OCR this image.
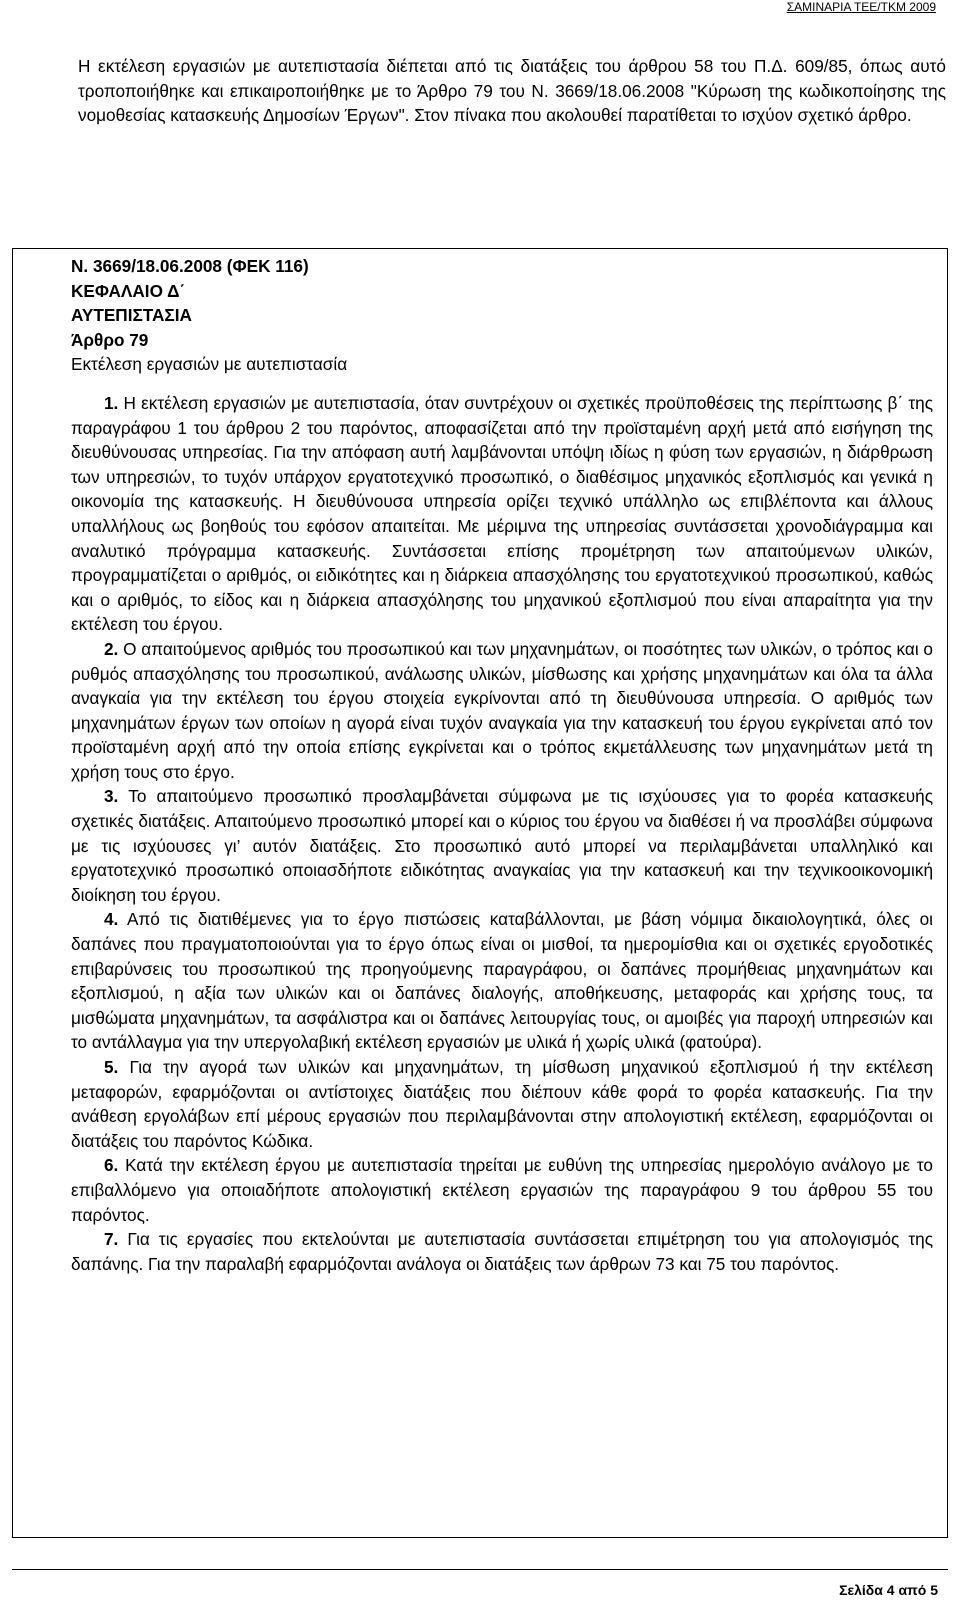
ΣΑΜΙΝΑΡΙΑ ΤΕΕ/ΤΚΜ 2009

Η εκτέλεση εργασιών με αυτεπιστασία διέπεται από τις διατάξεις του άρθρου 58 του Π.Δ. 609/85, όπως αυτό τροποποιήθηκε και επικαιροποιήθηκε με το Άρθρο 79 του Ν. 3669/18.06.2008 "Κύρωση της κωδικοποίησης της νομοθεσίας κατασκευής Δημοσίων Έργων". Στον πίνακα που ακολουθεί παρατίθεται το ισχύον σχετικό άρθρο.

Ν. 3669/18.06.2008 (ΦΕΚ 116)

ΚΕΦΑΛΑΙΟ Δ΄

ΑΥΤΕΠΙΣΤΑΣΙΑ

Άρθρο 79

Εκτέλεση εργασιών με αυτεπιστασία

1. Η εκτέλεση εργασιών με αυτεπιστασία, όταν συντρέχουν οι σχετικές προϋποθέσεις της περίπτωσης β΄ της παραγράφου 1 του άρθρου 2 του παρόντος, αποφασίζεται από την προϊσταμένη αρχή μετά από εισήγηση της διευθύνουσας υπηρεσίας. Για την απόφαση αυτή λαμβάνονται υπόψη ιδίως η φύση των εργασιών, η διάρθρωση των υπηρεσιών, το τυχόν υπάρχον εργατοτεχνικό προσωπικό, ο διαθέσιμος μηχανικός εξοπλισμός και γενικά η οικονομία της κατασκευής. Η διευθύνουσα υπηρεσία ορίζει τεχνικό υπάλληλο ως επιβλέποντα και άλλους υπαλλήλους ως βοηθούς του εφόσον απαιτείται. Με μέριμνα της υπηρεσίας συντάσσεται χρονοδιάγραμμα και αναλυτικό πρόγραμμα κατασκευής. Συντάσσεται επίσης προμέτρηση των απαιτούμενων υλικών, προγραμματίζεται ο αριθμός, οι ειδικότητες και η διάρκεια απασχόλησης του εργατοτεχνικού προσωπικού, καθώς και ο αριθμός, το είδος και η διάρκεια απασχόλησης του μηχανικού εξοπλισμού που είναι απαραίτητα για την εκτέλεση του έργου.

2. Ο απαιτούμενος αριθμός του προσωπικού και των μηχανημάτων, οι ποσότητες των υλικών, ο τρόπος και ο ρυθμός απασχόλησης του προσωπικού, ανάλωσης υλικών, μίσθωσης και χρήσης μηχανημάτων και όλα τα άλλα αναγκαία για την εκτέλεση του έργου στοιχεία εγκρίνονται από τη διευθύνουσα υπηρεσία. Ο αριθμός των μηχανημάτων έργων των οποίων η αγορά είναι τυχόν αναγκαία για την κατασκευή του έργου εγκρίνεται από τον προϊσταμένη αρχή από την οποία επίσης εγκρίνεται και ο τρόπος εκμετάλλευσης των μηχανημάτων μετά τη χρήση τους στο έργο.

3. Το απαιτούμενο προσωπικό προσλαμβάνεται σύμφωνα με τις ισχύουσες για το φορέα κατασκευής σχετικές διατάξεις. Απαιτούμενο προσωπικό μπορεί και ο κύριος του έργου να διαθέσει ή να προσλάβει σύμφωνα με τις ισχύουσες γι’ αυτόν διατάξεις. Στο προσωπικό αυτό μπορεί να περιλαμβάνεται υπαλληλικό και εργατοτεχνικό προσωπικό οποιασδήποτε ειδικότητας αναγκαίας για την κατασκευή και την τεχνικοοικονομική διοίκηση του έργου.

4. Από τις διατιθέμενες για το έργο πιστώσεις καταβάλλονται, με βάση νόμιμα δικαιολογητικά, όλες οι δαπάνες που πραγματοποιούνται για το έργο όπως είναι οι μισθοί, τα ημερομίσθια και οι σχετικές εργοδοτικές επιβαρύνσεις του προσωπικού της προηγούμενης παραγράφου, οι δαπάνες προμήθειας μηχανημάτων και εξοπλισμού, η αξία των υλικών και οι δαπάνες διαλογής, αποθήκευσης, μεταφοράς και χρήσης τους, τα μισθώματα μηχανημάτων, τα ασφάλιστρα και οι δαπάνες λειτουργίας τους, οι αμοιβές για παροχή υπηρεσιών και το αντάλλαγμα για την υπεργολαβική εκτέλεση εργασιών με υλικά ή χωρίς υλικά (φατούρα).

5. Για την αγορά των υλικών και μηχανημάτων, τη μίσθωση μηχανικού εξοπλισμού ή την εκτέλεση μεταφορών, εφαρμόζονται οι αντίστοιχες διατάξεις που διέπουν κάθε φορά το φορέα κατασκευής. Για την ανάθεση εργολάβων επί μέρους εργασιών που περιλαμβάνονται στην απολογιστική εκτέλεση, εφαρμόζονται οι διατάξεις του παρόντος Κώδικα.

6. Κατά την εκτέλεση έργου με αυτεπιστασία τηρείται με ευθύνη της υπηρεσίας ημερολόγιο ανάλογο με το επιβαλλόμενο για οποιαδήποτε απολογιστική εκτέλεση εργασιών της παραγράφου 9 του άρθρου 55 του παρόντος.

7. Για τις εργασίες που εκτελούνται με αυτεπιστασία συντάσσεται επιμέτρηση του για απολογισμός της δαπάνης. Για την παραλαβή εφαρμόζονται ανάλογα οι διατάξεις των άρθρων 73 και 75 του παρόντος.

Σελίδα 4 από 5
